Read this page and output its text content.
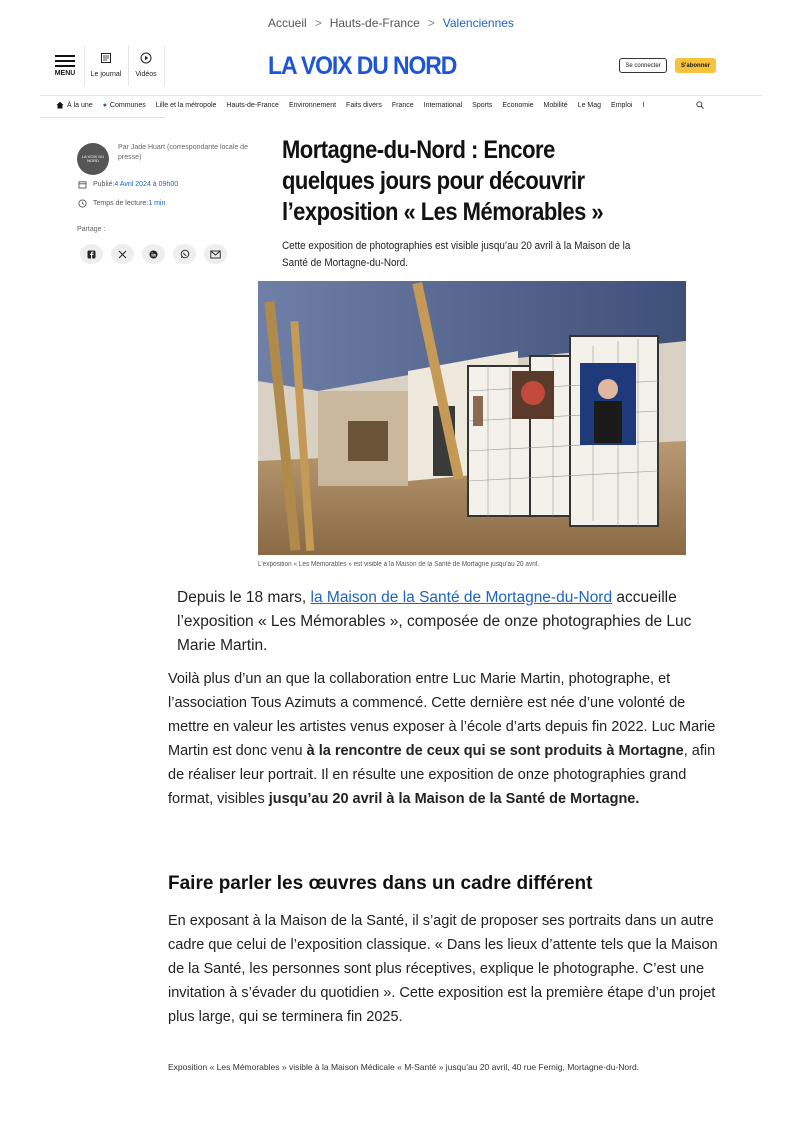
Accueil > Hauts-de-France > Valenciennes
MENU	Le journal	Vidéos	LA VOIX DU NORD	Se connecter	S'abonner
À la une ● Communes Lille et la métropole Hauts-de-France Environnement Faits divers France International Sports Economie Mobilité Le Mag Emploi I
LA VOIX DU NORD
Par Jade Huart (correspondante locale de presse)
Publié:4 Avril 2024 à 09h00
Temps de lecture:1 min
Partage :
Mortagne-du-Nord : Encore quelques jours pour découvrir l’exposition « Les Mémorables »

Cette exposition de photographies est visible jusqu’au 20 avril à la Maison de la Santé de Mortagne-du-Nord.

L’exposition « Les Mémorables » est visible à la Maison de la Santé de Mortagne jusqu’au 20 avril.

Depuis le 18 mars, la Maison de la Santé de Mortagne-du-Nord accueille l’exposition « Les Mémorables », composée de onze photographies de Luc Marie Martin.

Voilà plus d’un an que la collaboration entre Luc Marie Martin, photographe, et l’association Tous Azimuts a commencé. Cette dernière est née d’une volonté de mettre en valeur les artistes venus exposer à l’école d’arts depuis fin 2022. Luc Marie Martin est donc venu à la rencontre de ceux qui se sont produits à Mortagne, afin de réaliser leur portrait. Il en résulte une exposition de onze photographies grand format, visibles jusqu’au 20 avril à la Maison de la Santé de Mortagne.

Faire parler les œuvres dans un cadre différent

En exposant à la Maison de la Santé, il s’agit de proposer ses portraits dans un autre cadre que celui de l’exposition classique. « Dans les lieux d’attente tels que la Maison de la Santé, les personnes sont plus réceptives, explique le photographe. C’est une invitation à s’évader du quotidien ». Cette exposition est la première étape d’un projet plus large, qui se terminera fin 2025.

Exposition « Les Mémorables » visible à la Maison Médicale « M-Santé » jusqu’au 20 avril, 40 rue Fernig, Mortagne-du-Nord.
